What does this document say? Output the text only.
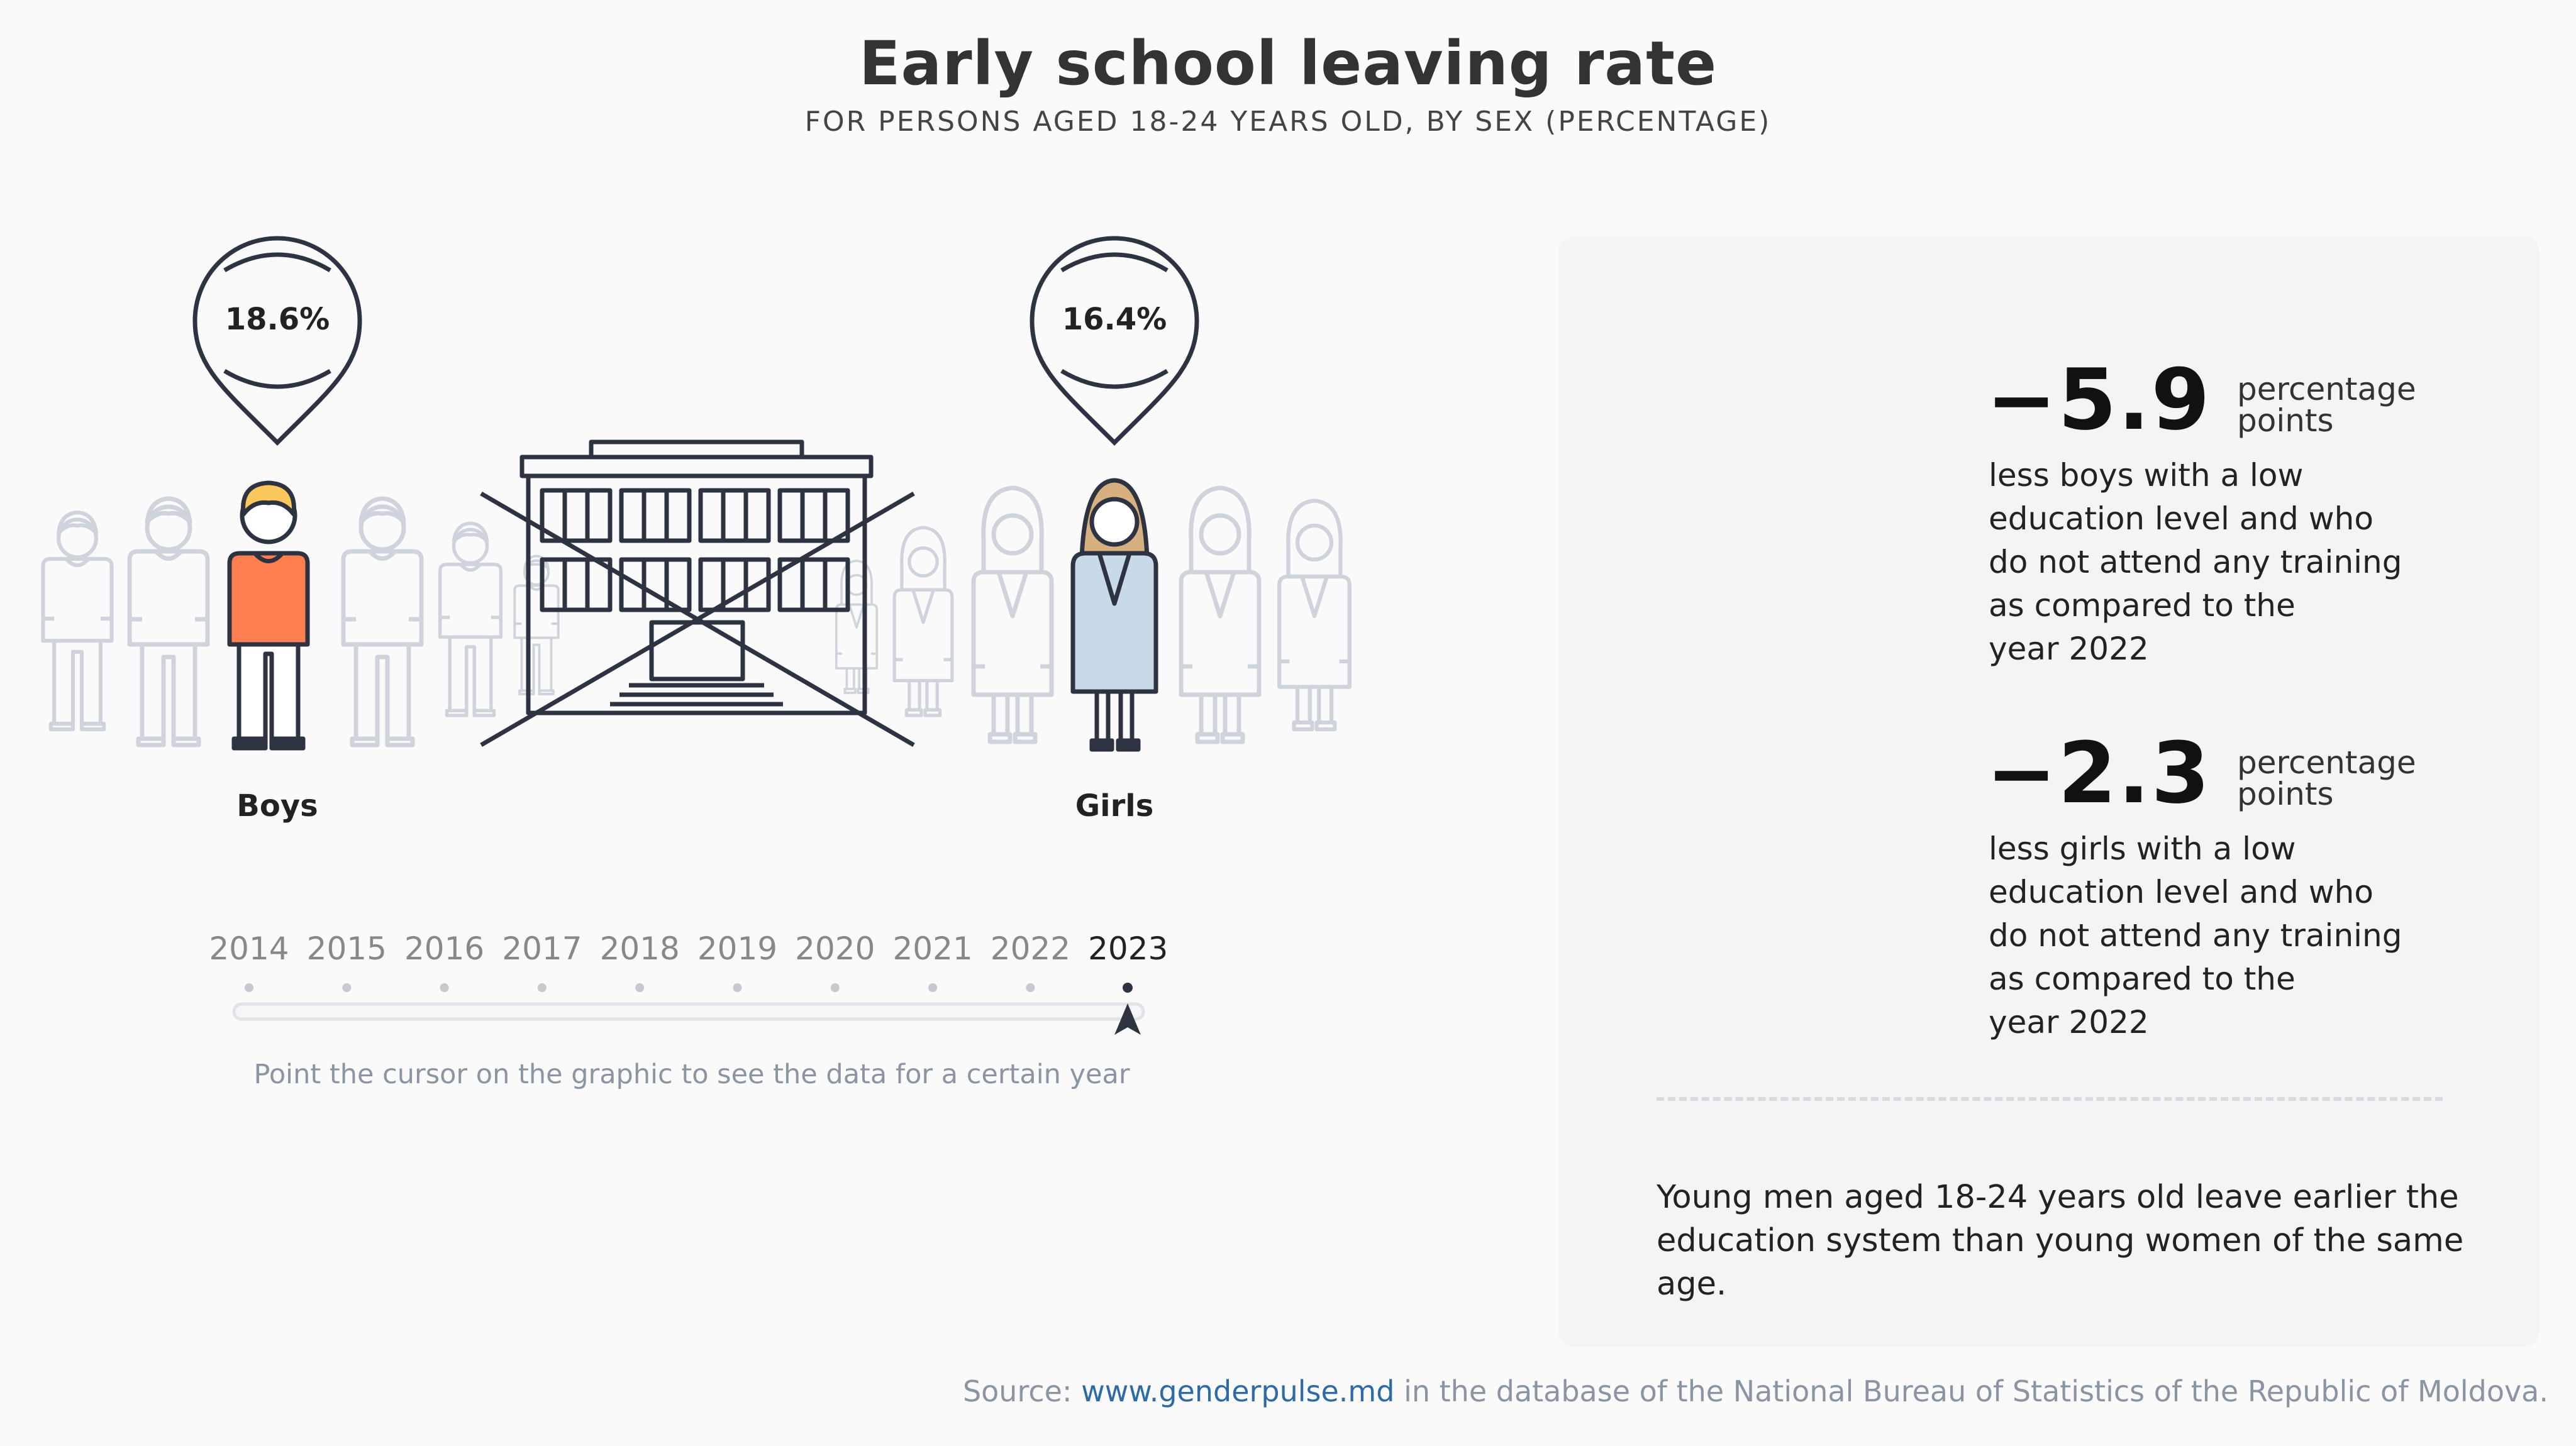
Early school leaving rate
FOR PERSONS AGED 18-24 YEARS OLD, BY SEX (PERCENTAGE)
18.6%	16.4%
Boys	Girls
2014 2015 2016 2017 2018 2019 2020 2021 2022 2023
Point the cursor on the graphic to see the data for a certain year
−5.9 percentage points
less boys with a low
education level and who
do not attend any training
as compared to the
year 2022
−2.3 percentage points
less girls with a low
education level and who
do not attend any training
as compared to the
year 2022
Young men aged 18-24 years old leave earlier the education system than young women of the same age.
Source: www.genderpulse.md in the database of the National Bureau of Statistics of the Republic of Moldova.
